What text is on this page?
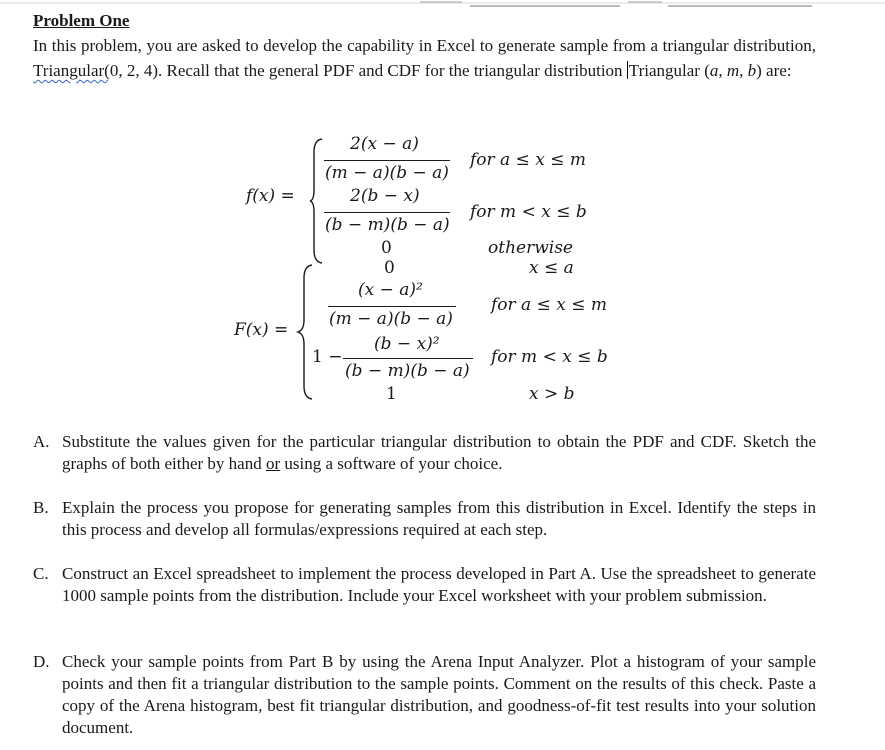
Problem One

In this problem, you are asked to develop the capability in Excel to generate sample from a triangular distribution, Triangular(0, 2, 4). Recall that the general PDF and CDF for the triangular distribution Triangular (a, m, b) are:

f(x) =
2(x − a)
(m − a)(b − a)
for a ≤ x ≤ m
2(b − x)
(b − m)(b − a)
for m < x ≤ b
0	otherwise
F(x) =
0	x ≤ a
(x − a)²
(m − a)(b − a)
for a ≤ x ≤ m
1 −
(b − x)²
(b − m)(b − a)
for m < x ≤ b
1	x > b
A. Substitute the values given for the particular triangular distribution to obtain the PDF and CDF. Sketch the graphs of both either by hand or using a software of your choice.
B. Explain the process you propose for generating samples from this distribution in Excel. Identify the steps in this process and develop all formulas/expressions required at each step.
C. Construct an Excel spreadsheet to implement the process developed in Part A. Use the spreadsheet to generate 1000 sample points from the distribution. Include your Excel worksheet with your problem submission.
D. Check your sample points from Part B by using the Arena Input Analyzer. Plot a histogram of your sample points and then fit a triangular distribution to the sample points. Comment on the results of this check. Paste a copy of the Arena histogram, best fit triangular distribution, and goodness-of-fit test results into your solution document.
